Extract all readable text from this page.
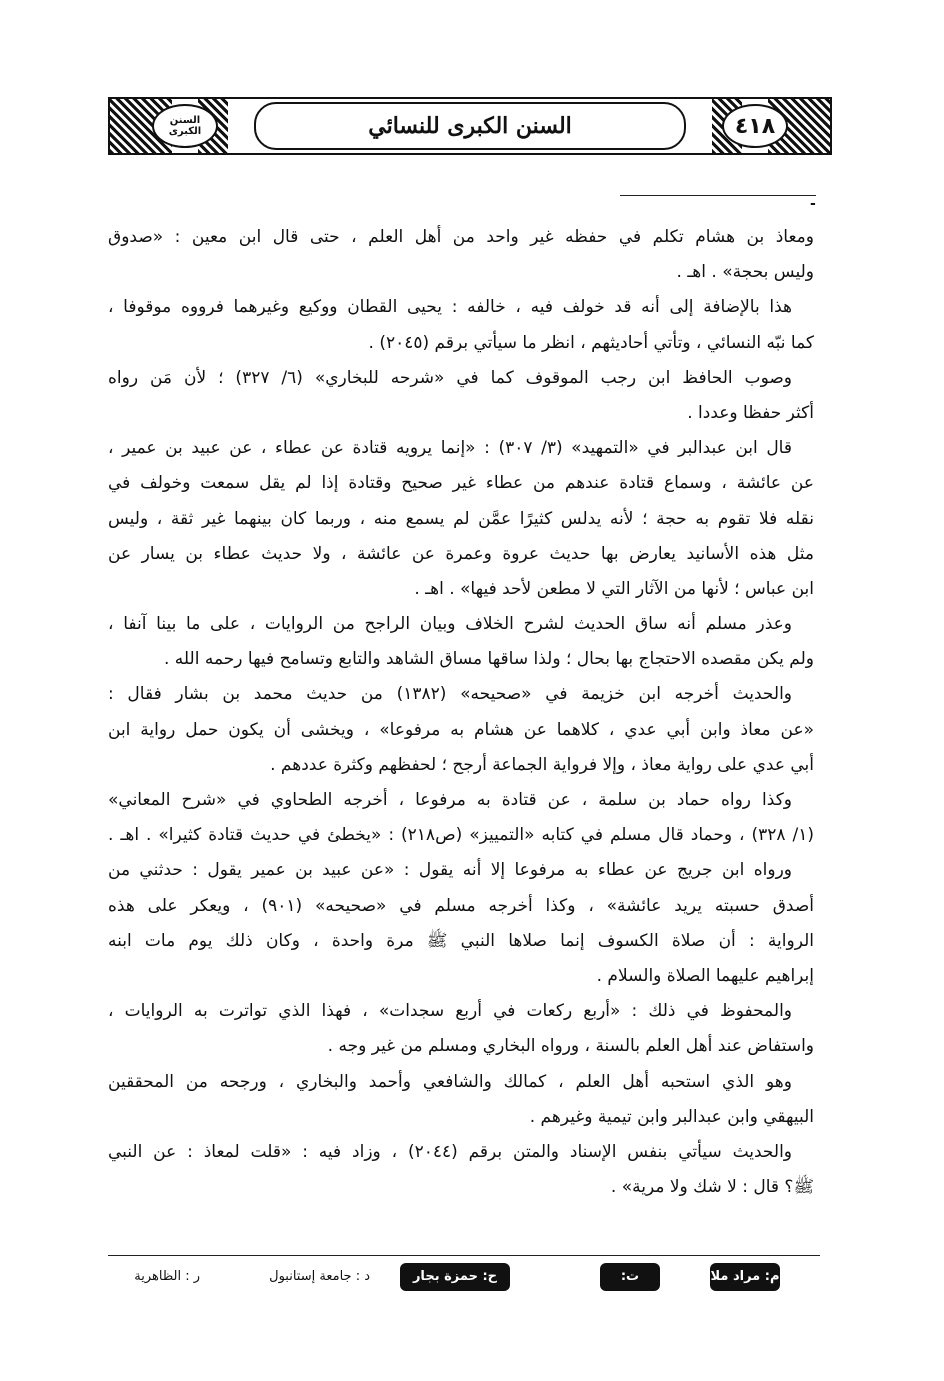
السنن الكبرى	السنن الكبرى للنسائي	٤١٨
-
ومعاذ بن هشام تكلم في حفظه غير واحد من أهل العلم ، حتى قال ابن معين : «صدوق
وليس بحجة» . اهـ .
هذا بالإضافة إلى أنه قد خولف فيه ، خالفه : يحيى القطان ووكيع وغيرهما فرووه موقوفا ،
كما نبّه النسائي ، وتأتي أحاديثهم ، انظر ما سيأتي برقم (٢٠٤٥) .
وصوب الحافظ ابن رجب الموقوف كما في «شرحه للبخاري» (٦/ ٣٢٧) ؛ لأن مَن رواه
أكثر حفظا وعددا .
قال ابن عبدالبر في «التمهيد» (٣/ ٣٠٧) : «إنما يرويه قتادة عن عطاء ، عن عبيد بن عمير ،
عن عائشة ، وسماع قتادة عندهم من عطاء غير صحيح وقتادة إذا لم يقل سمعت وخولف في
نقله فلا تقوم به حجة ؛ لأنه يدلس كثيرًا عمَّن لم يسمع منه ، وربما كان بينهما غير ثقة ، وليس
مثل هذه الأسانيد يعارض بها حديث عروة وعمرة عن عائشة ، ولا حديث عطاء بن يسار عن
ابن عباس ؛ لأنها من الآثار التي لا مطعن لأحد فيها» . اهـ .
وعذر مسلم أنه ساق الحديث لشرح الخلاف وبيان الراجح من الروايات ، على ما بينا آنفا ،
ولم يكن مقصده الاحتجاج بها بحال ؛ ولذا ساقها مساق الشاهد والتابع وتسامح فيها رحمه الله .
والحديث أخرجه ابن خزيمة في «صحيحه» (١٣٨٢) من حديث محمد بن بشار فقال :
«عن معاذ وابن أبي عدي ، كلاهما عن هشام به مرفوعا» ، ويخشى أن يكون حمل رواية ابن
أبي عدي على رواية معاذ ، وإلا فرواية الجماعة أرجح ؛ لحفظهم وكثرة عددهم .
وكذا رواه حماد بن سلمة ، عن قتادة به مرفوعا ، أخرجه الطحاوي في «شرح المعاني»
(١/ ٣٢٨) ، وحماد قال مسلم في كتابه «التمييز» (ص٢١٨) : «يخطئ في حديث قتادة كثيرا» . اهـ .
ورواه ابن جريج عن عطاء به مرفوعا إلا أنه يقول : «عن عبيد بن عمير يقول : حدثني من
أصدق حسبته يريد عائشة» ، وكذا أخرجه مسلم في «صحيحه» (٩٠١) ، ويعكر على هذه
الرواية : أن صلاة الكسوف إنما صلاها النبي ﷺ مرة واحدة ، وكان ذلك يوم مات ابنه
إبراهيم عليهما الصلاة والسلام .
والمحفوظ في ذلك : «أربع ركعات في أربع سجدات» ، فهذا الذي تواترت به الروايات ،
واستفاض عند أهل العلم بالسنة ، ورواه البخاري ومسلم من غير وجه .
وهو الذي استحبه أهل العلم ، كمالك والشافعي وأحمد والبخاري ، ورجحه من المحققين
البيهقي وابن عبدالبر وابن تيمية وغيرهم .
والحديث سيأتي بنفس الإسناد والمتن برقم (٢٠٤٤) ، وزاد فيه : «قلت لمعاذ : عن النبي
ﷺ؟ قال : لا شك ولا مرية» .
م: مراد ملا
ت: تطوان
ح: حمزة بجار الله
د : جامعة إستانبول
ر : الظاهرية
